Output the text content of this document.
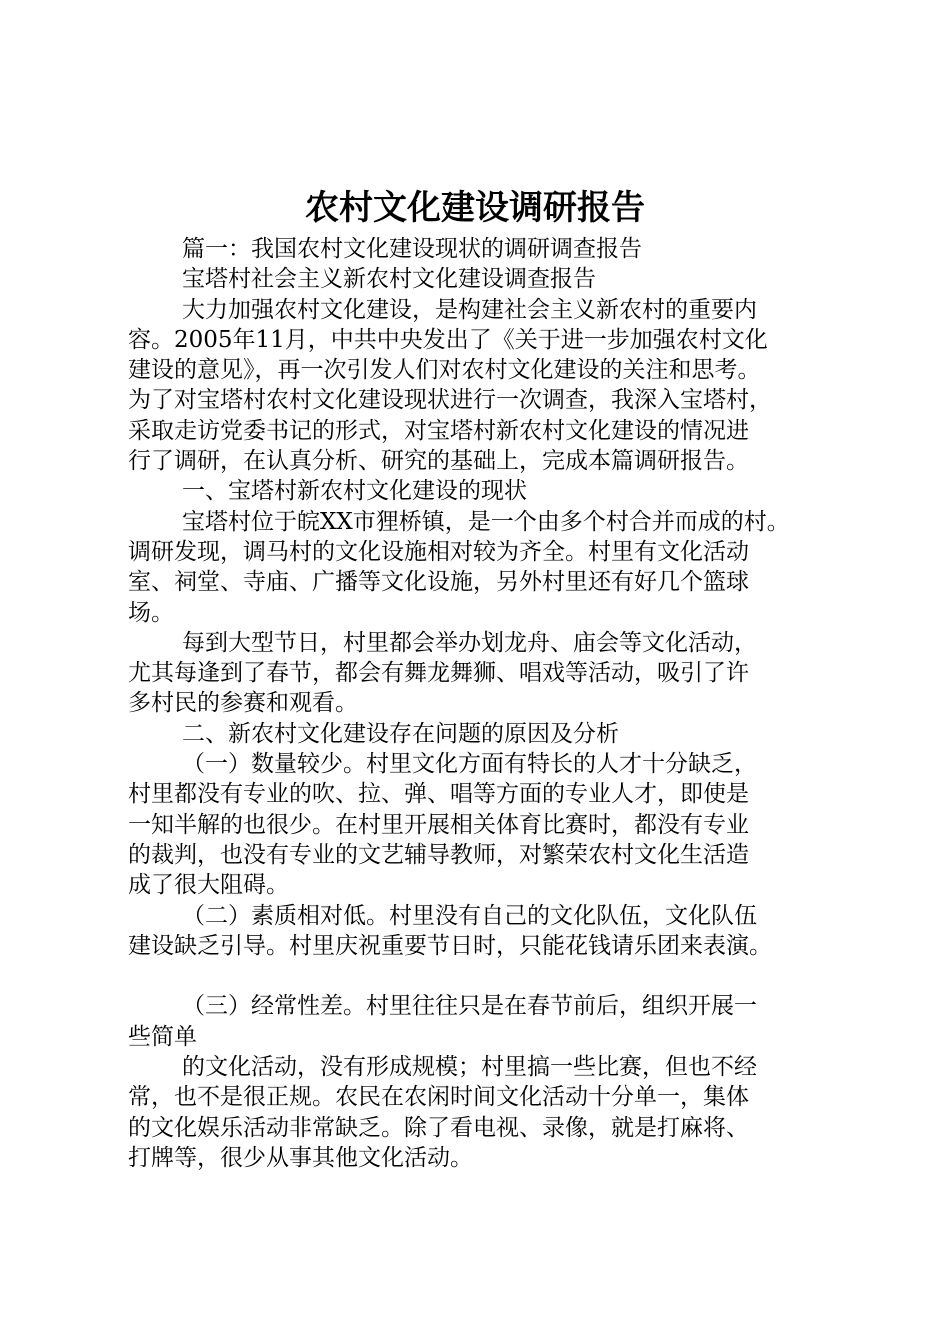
农村文化建设调研报告
篇一：我国农村文化建设现状的调研调查报告
宝塔村社会主义新农村文化建设调查报告
大力加强农村文化建设，是构建社会主义新农村的重要内
容。2005年11月，中共中央发出了《关于进一步加强农村文化
建设的意见》，再一次引发人们对农村文化建设的关注和思考。
为了对宝塔村农村文化建设现状进行一次调查，我深入宝塔村，
采取走访党委书记的形式，对宝塔村新农村文化建设的情况进
行了调研，在认真分析、研究的基础上，完成本篇调研报告。
一、宝塔村新农村文化建设的现状
宝塔村位于皖XX市狸桥镇，是一个由多个村合并而成的村。
调研发现，调马村的文化设施相对较为齐全。村里有文化活动
室、祠堂、寺庙、广播等文化设施，另外村里还有好几个篮球
场。
每到大型节日，村里都会举办划龙舟、庙会等文化活动，
尤其每逢到了春节，都会有舞龙舞狮、唱戏等活动，吸引了许
多村民的参赛和观看。
二、新农村文化建设存在问题的原因及分析
（一）数量较少。村里文化方面有特长的人才十分缺乏，
村里都没有专业的吹、拉、弹、唱等方面的专业人才，即使是
一知半解的也很少。在村里开展相关体育比赛时，都没有专业
的裁判，也没有专业的文艺辅导教师，对繁荣农村文化生活造
成了很大阻碍。
（二）素质相对低。村里没有自己的文化队伍，文化队伍
建设缺乏引导。村里庆祝重要节日时，只能花钱请乐团来表演。
（三）经常性差。村里往往只是在春节前后，组织开展一
些简单
的文化活动，没有形成规模；村里搞一些比赛，但也不经
常，也不是很正规。农民在农闲时间文化活动十分单一，集体
的文化娱乐活动非常缺乏。除了看电视、录像，就是打麻将、
打牌等，很少从事其他文化活动。
